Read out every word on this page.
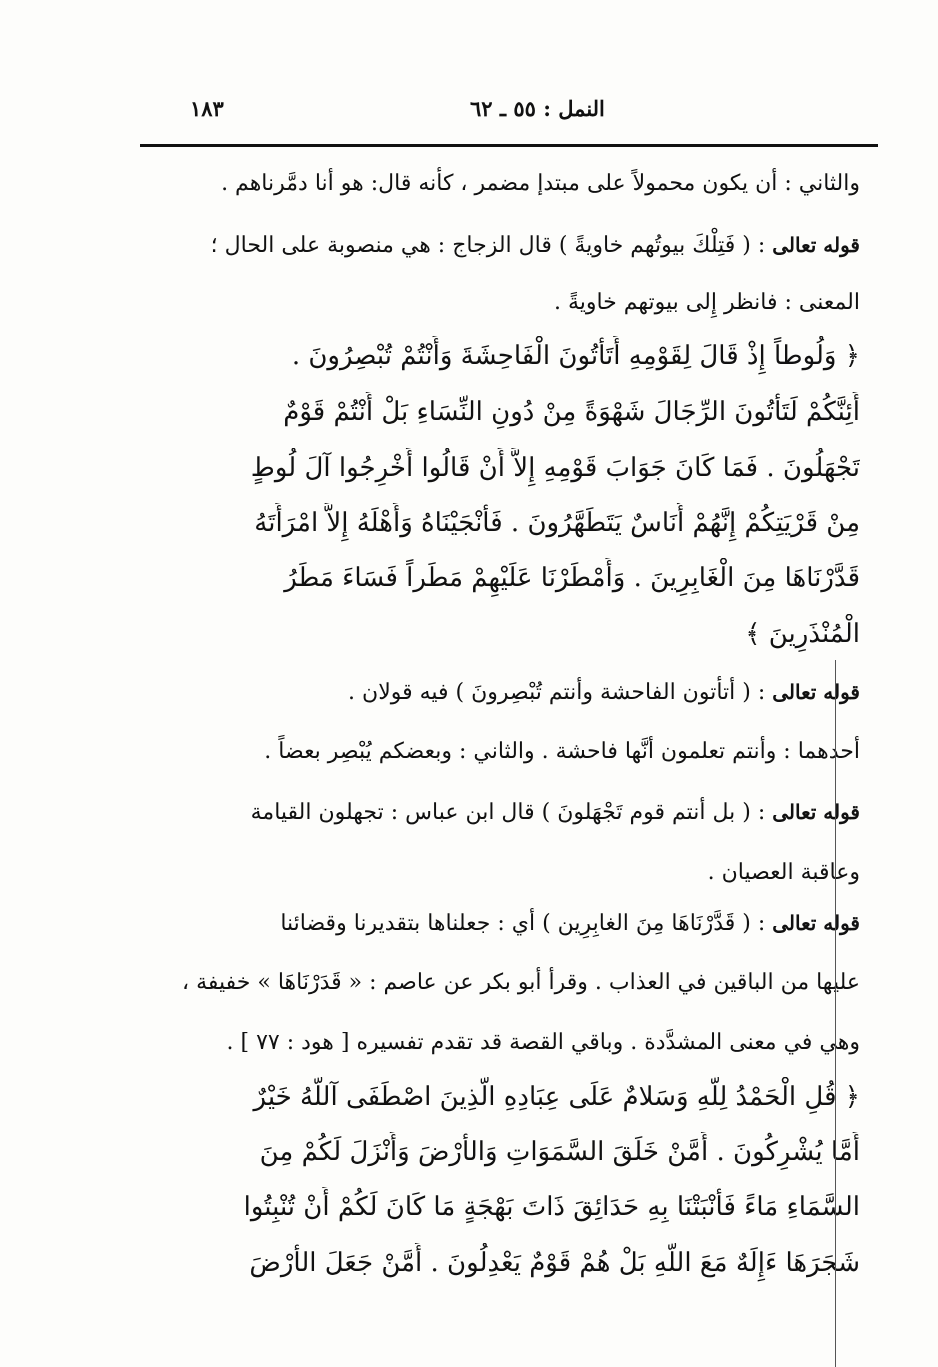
١٨٣	النمل : ٥٥ ـ ٦٢
والثاني : أن يكون محمولاً على مبتدإ مضمر ، كأنه قال: هو أنا دمَّرناهم .
قوله تعالى : ( فَتِلْكَ بيوتُهم خاويةً ) قال الزجاج : هي منصوبة على الحال ؛
المعنى : فانظر إِلى بيوتهم خاويةً .
﴿ وَلُوطاً إِذْ قَالَ لِقَوْمِهِ أَتَأْتُونَ الْفَاحِشَةَ وَأَنْتُمْ تُبْصِرُونَ .
أَئِنَّكُمْ لَتَأْتُونَ الرِّجَالَ شَهْوَةً مِنْ دُونِ النِّسَاءِ بَلْ أَنْتُمْ قَوْمٌ
تَجْهَلُونَ . فَمَا كَانَ جَوَابَ قَوْمِهِ إِلاَّ أَنْ قَالُوا أَخْرِجُوا آلَ لُوطٍ
مِنْ قَرْيَتِكُمْ إِنَّهُمْ أُنَاسٌ يَتَطَهَّرُونَ . فَأَنْجَيْنَاهُ وَأَهْلَهُ إِلاَّ امْرَأَتَهُ
قَدَّرْنَاهَا مِنَ الْغَابِرِينَ . وَأَمْطَرْنَا عَلَيْهِمْ مَطَراً فَسَاءَ مَطَرُ
الْمُنْذَرِينَ ﴾
قوله تعالى : ( أتأتون الفاحشة وأنتم تُبْصِرونَ ) فيه قولان .
أحدهما : وأنتم تعلمون أنَّها فاحشة . والثاني : وبعضكم يُبْصِر بعضاً .
قوله تعالى : ( بل أنتم قوم تَجْهَلونَ ) قال ابن عباس : تجهلون القيامة
وعاقبة العصيان .
قوله تعالى : ( قَدَّرْنَاهَا مِنَ الغابِرِين ) أي : جعلناها بتقديرنا وقضائنا
عليها من الباقين في العذاب . وقرأ أبو بكر عن عاصم : « قَدَرْنَاهَا » خفيفة ،
وهي في معنى المشدَّدة . وباقي القصة قد تقدم تفسيره [ هود : ٧٧ ] .
﴿ قُلِ الْحَمْدُ لِلَّهِ وَسَلامٌ عَلَى عِبَادِهِ الَّذِينَ اصْطَفَى آللَّهُ خَيْرٌ
أَمَّا يُشْرِكُونَ . أَمَّنْ خَلَقَ السَّمَوَاتِ وَالأَرْضَ وَأَنْزَلَ لَكُمْ مِنَ
السَّمَاءِ مَاءً فَأَنْبَتْنَا بِهِ حَدَائِقَ ذَاتَ بَهْجَةٍ مَا كَانَ لَكُمْ أَنْ تُنْبِتُوا
شَجَرَهَا ءَإِلَهٌ مَعَ اللَّهِ بَلْ هُمْ قَوْمٌ يَعْدِلُونَ . أَمَّنْ جَعَلَ الأَرْضَ
